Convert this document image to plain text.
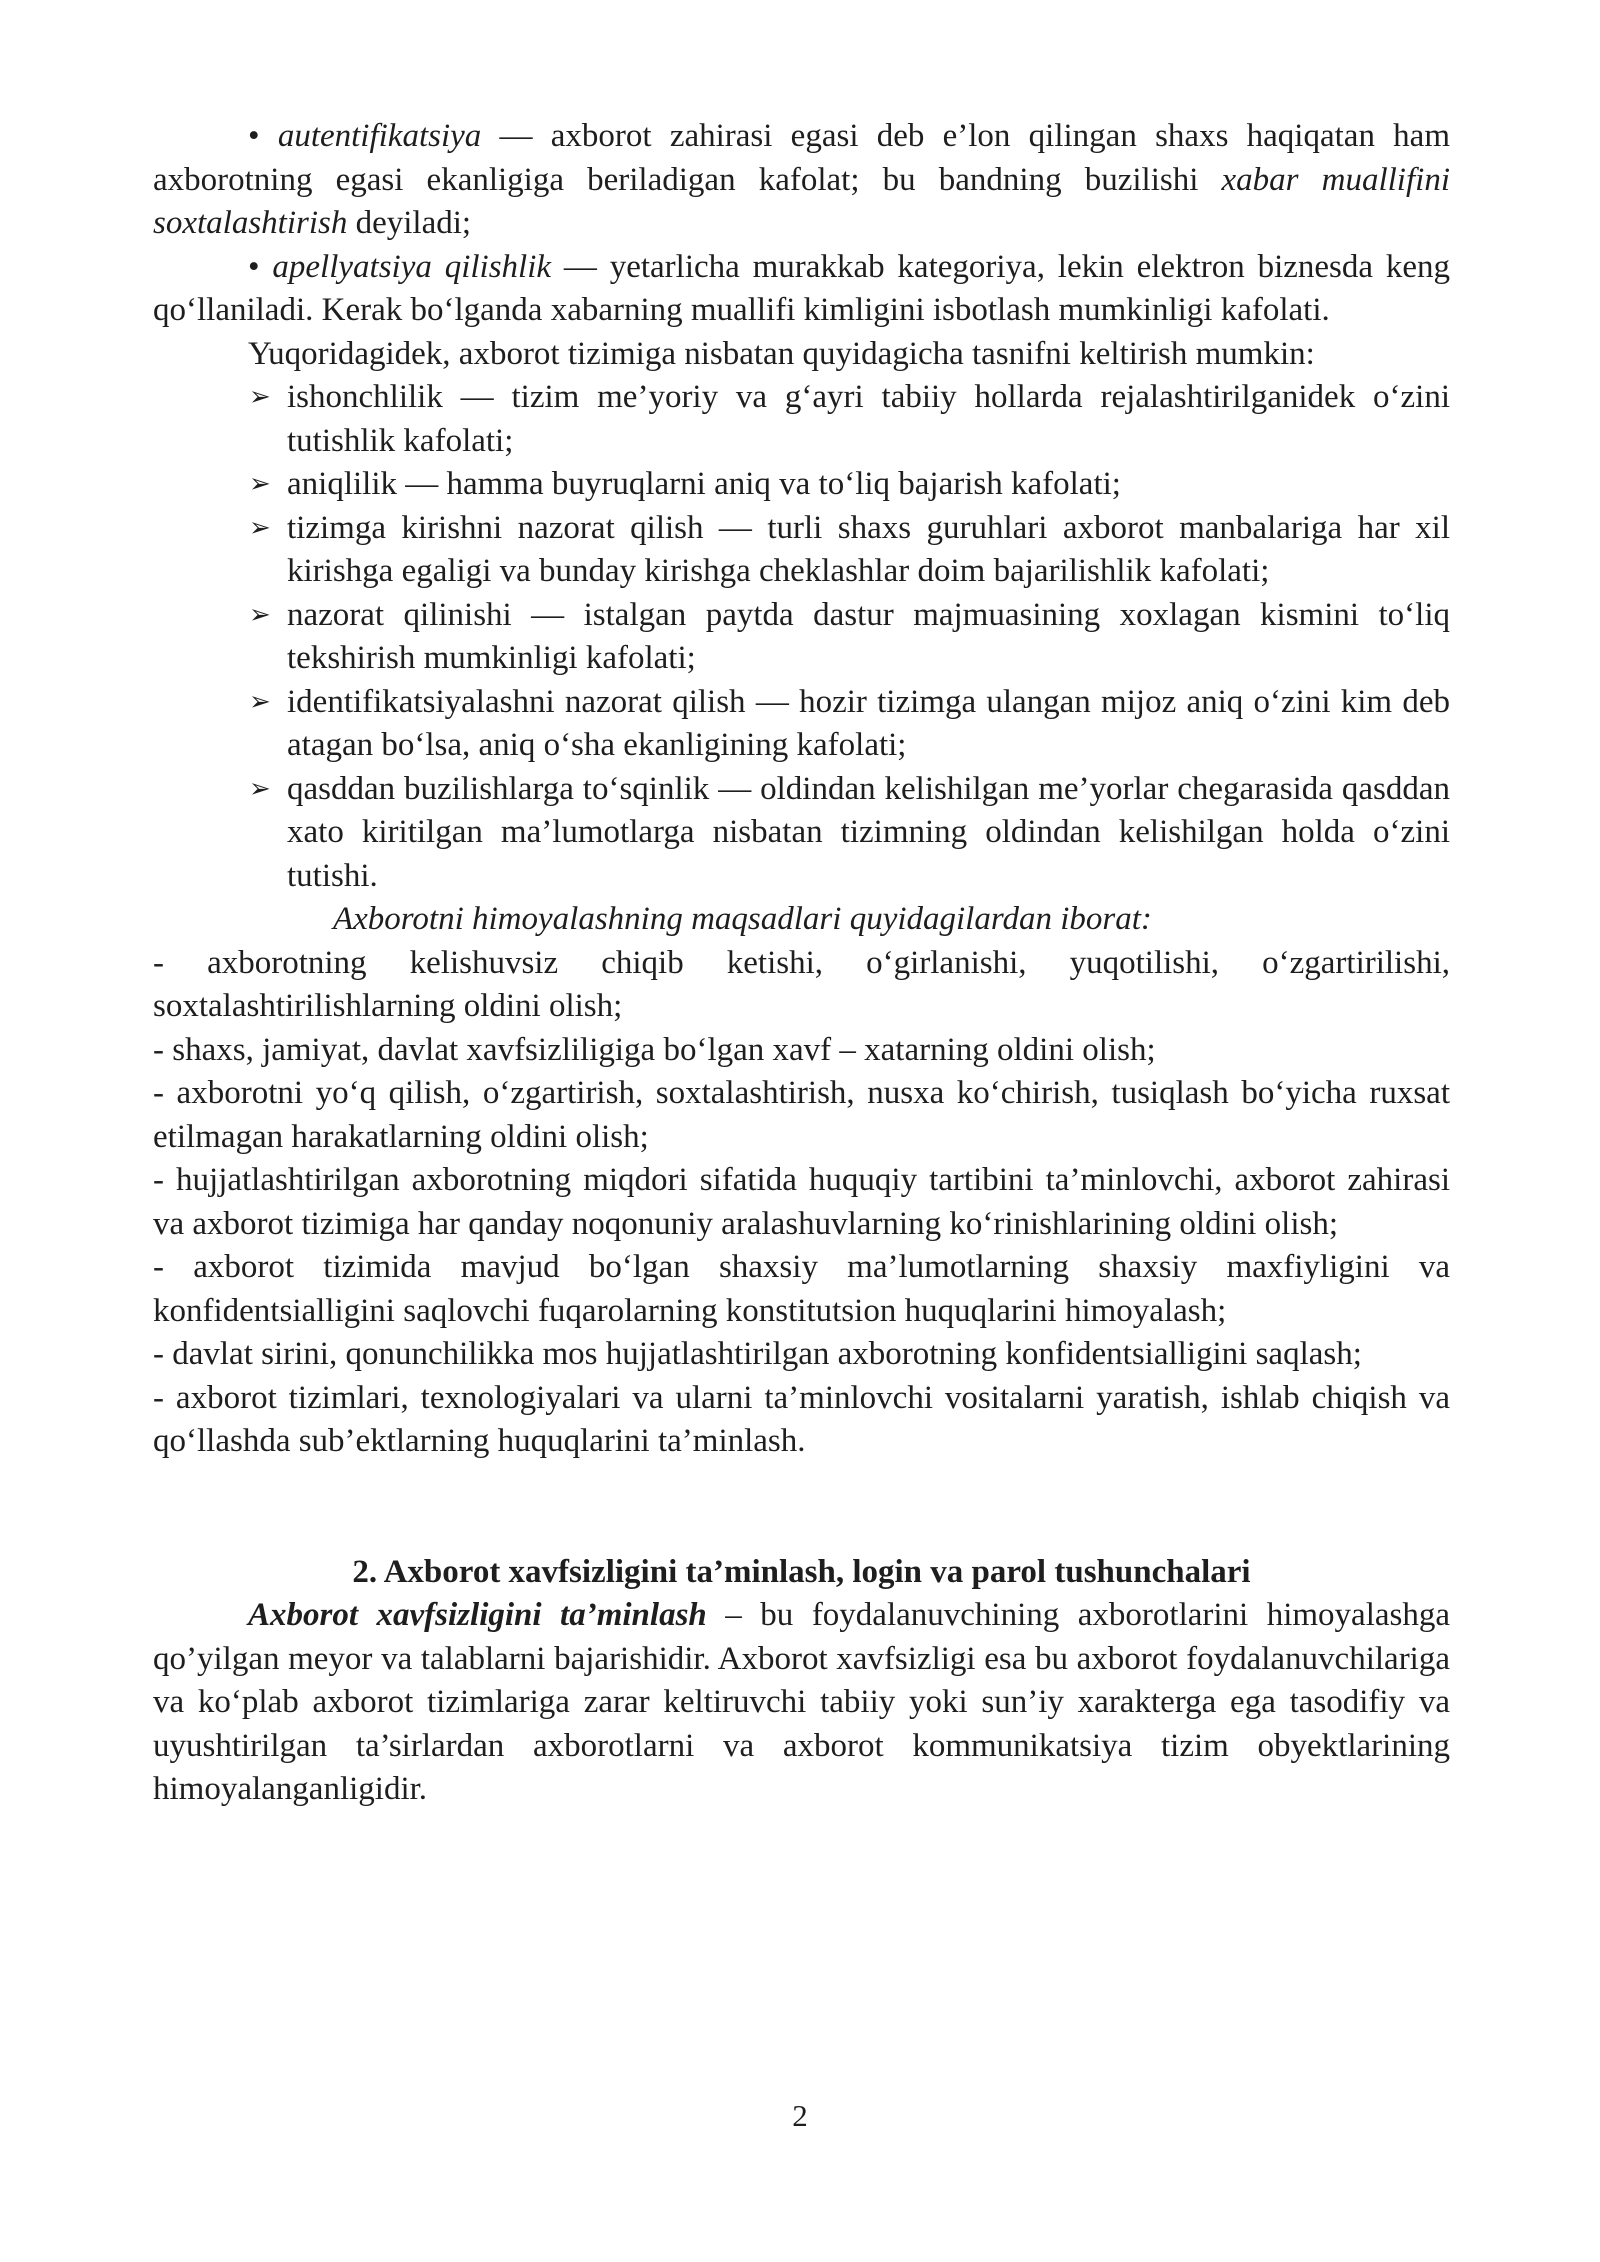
• autentifikatsiya — axborot zahirasi egasi deb e’lon qilingan shaxs haqiqatan ham axborotning egasi ekanligiga beriladigan kafolat; bu bandning buzilishi xabar muallifini soxtalashtirish deyiladi;

• apellyatsiya qilishlik — yetarlicha murakkab kategoriya, lekin elektron biznesda keng qo‘llaniladi. Kerak bo‘lganda xabarning muallifi kimligini isbotlash mumkinligi kafolati.

Yuqoridagidek, axborot tizimiga nisbatan quyidagicha tasnifni keltirish mumkin:

➢ ishonchlilik — tizim me’yoriy va g‘ayri tabiiy hollarda rejalashtirilganidek o‘zini tutishlik kafolati;
➢ aniqlilik — hamma buyruqlarni aniq va to‘liq bajarish kafolati;
➢ tizimga kirishni nazorat qilish — turli shaxs guruhlari axborot manbalariga har xil kirishga egaligi va bunday kirishga cheklashlar doim bajarilishlik kafolati;
➢ nazorat qilinishi — istalgan paytda dastur majmuasining xoxlagan kismini to‘liq tekshirish mumkinligi kafolati;
➢ identifikatsiyalashni nazorat qilish — hozir tizimga ulangan mijoz aniq o‘zini kim deb atagan bo‘lsa, aniq o‘sha ekanligining kafolati;
➢ qasddan buzilishlarga to‘sqinlik — oldindan kelishilgan me’yorlar chegarasida qasddan xato kiritilgan ma’lumotlarga nisbatan tizimning oldindan kelishilgan holda o‘zini tutishi.

Axborotni himoyalashning maqsadlari quyidagilardan iborat:

- axborotning kelishuvsiz chiqib ketishi, o‘girlanishi, yuqotilishi, o‘zgartirilishi, soxtalashtirilishlarning oldini olish;

- shaxs, jamiyat, davlat xavfsizliligiga bo‘lgan xavf – xatarning oldini olish;

- axborotni yo‘q qilish, o‘zgartirish, soxtalashtirish, nusxa ko‘chirish, tusiqlash bo‘yicha ruxsat etilmagan harakatlarning oldini olish;

- hujjatlashtirilgan axborotning miqdori sifatida huquqiy tartibini ta’minlovchi, axborot zahirasi va axborot tizimiga har qanday noqonuniy aralashuvlarning ko‘rinishlarining oldini olish;

- axborot tizimida mavjud bo‘lgan shaxsiy ma’lumotlarning shaxsiy maxfiyligini va konfidentsialligini saqlovchi fuqarolarning konstitutsion huquqlarini himoyalash;

- davlat sirini, qonunchilikka mos hujjatlashtirilgan axborotning konfidentsialligini saqlash;

- axborot tizimlari, texnologiyalari va ularni ta’minlovchi vositalarni yaratish, ishlab chiqish va qo‘llashda sub’ektlarning huquqlarini ta’minlash.

2. Axborot xavfsizligini ta’minlash, login va parol tushunchalari

Axborot xavfsizligini ta’minlash – bu foydalanuvchining axborotlarini himoyalashga qo’yilgan meyor va talablarni bajarishidir. Axborot xavfsizligi esa bu axborot foydalanuvchilariga va ko‘plab axborot tizimlariga zarar keltiruvchi tabiiy yoki sun’iy xarakterga ega tasodifiy va uyushtirilgan ta’sirlardan axborotlarni va axborot kommunikatsiya tizim obyektlarining himoyalanganligidir.

2
